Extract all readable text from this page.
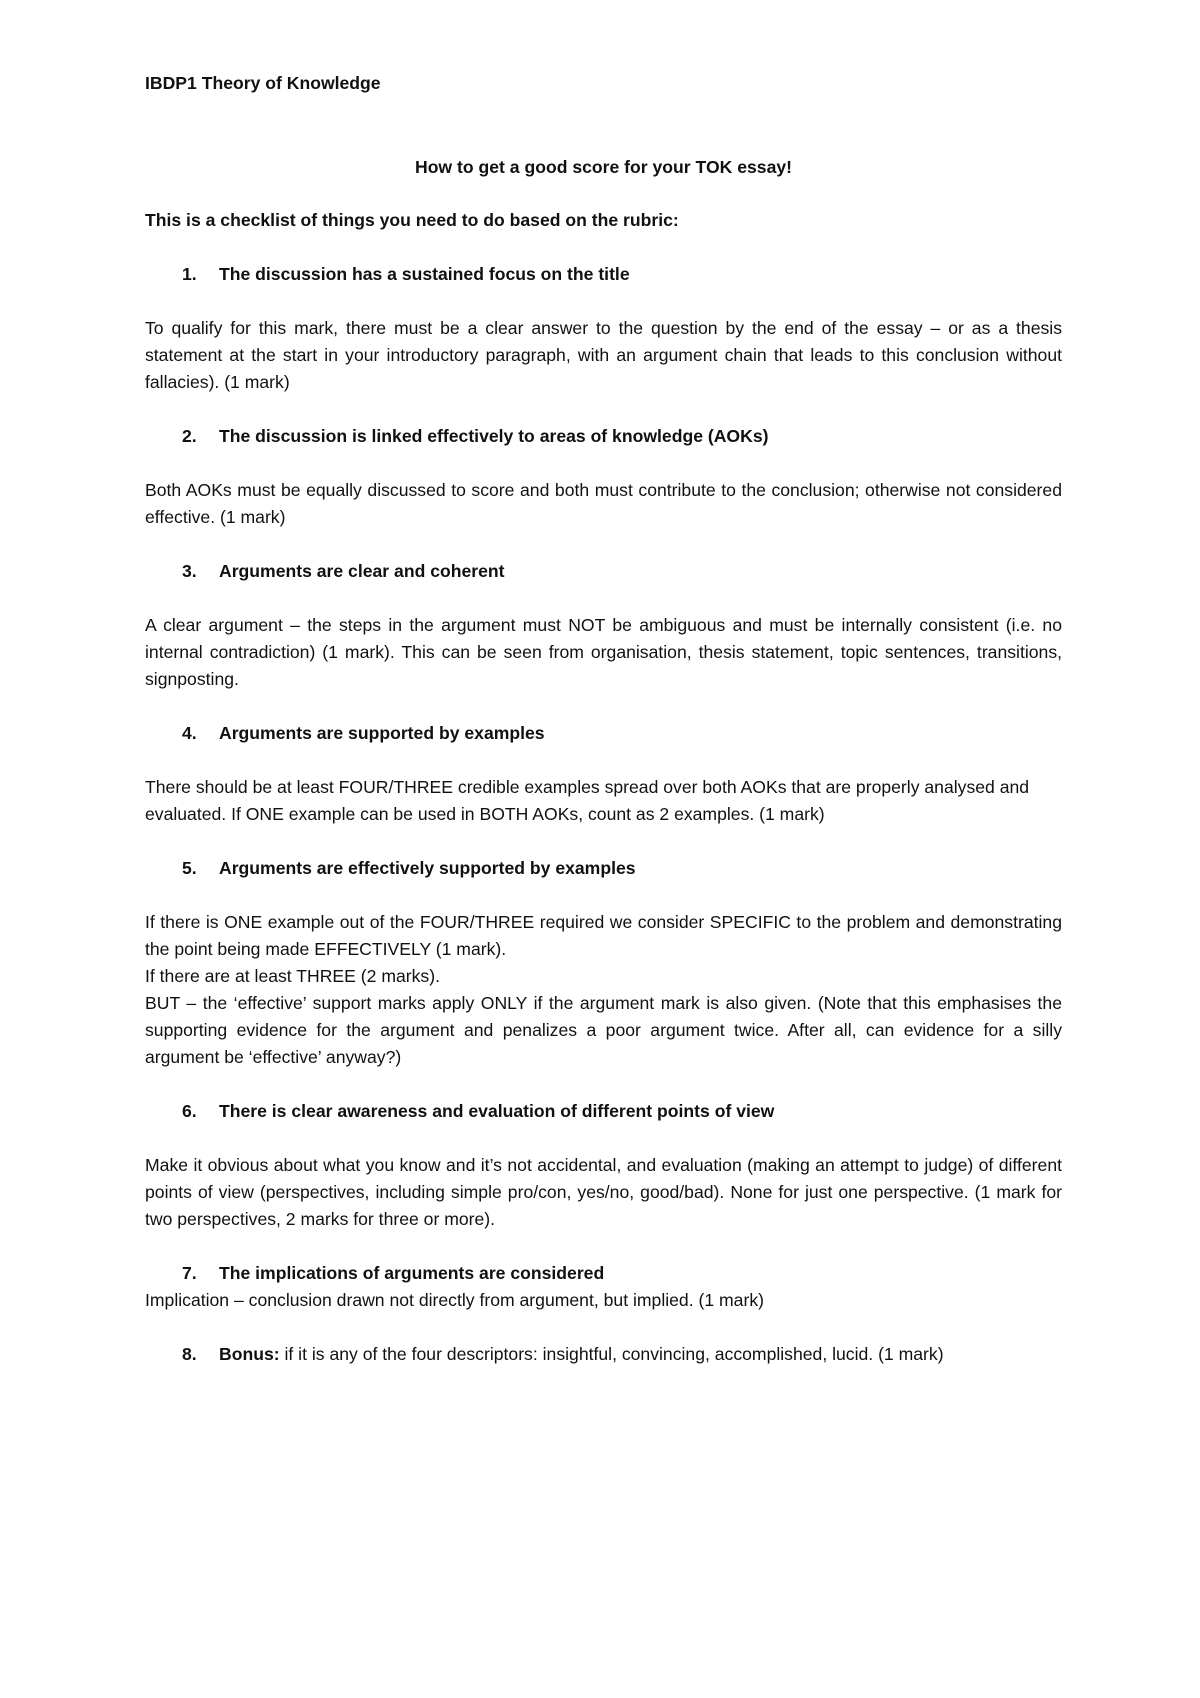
IBDP1 Theory of Knowledge

How to get a good score for your TOK essay!

This is a checklist of things you need to do based on the rubric:

1. The discussion has a sustained focus on the title

To qualify for this mark, there must be a clear answer to the question by the end of the essay – or as a thesis statement at the start in your introductory paragraph, with an argument chain that leads to this conclusion without fallacies). (1 mark)

2. The discussion is linked effectively to areas of knowledge (AOKs)

Both AOKs must be equally discussed to score and both must contribute to the conclusion; otherwise not considered effective. (1 mark)

3. Arguments are clear and coherent

A clear argument – the steps in the argument must NOT be ambiguous and must be internally consistent (i.e. no internal contradiction) (1 mark). This can be seen from organisation, thesis statement, topic sentences, transitions, signposting.

4. Arguments are supported by examples

There should be at least FOUR/THREE credible examples spread over both AOKs that are properly analysed and evaluated. If ONE example can be used in BOTH AOKs, count as 2 examples. (1 mark)

5. Arguments are effectively supported by examples

If there is ONE example out of the FOUR/THREE required we consider SPECIFIC to the problem and demonstrating the point being made EFFECTIVELY (1 mark).
If there are at least THREE (2 marks).
BUT – the ‘effective’ support marks apply ONLY if the argument mark is also given. (Note that this emphasises the supporting evidence for the argument and penalizes a poor argument twice. After all, can evidence for a silly argument be ‘effective’ anyway?)

6. There is clear awareness and evaluation of different points of view

Make it obvious about what you know and it’s not accidental, and evaluation (making an attempt to judge) of different points of view (perspectives, including simple pro/con, yes/no, good/bad). None for just one perspective. (1 mark for two perspectives, 2 marks for three or more).

7. The implications of arguments are considered

Implication – conclusion drawn not directly from argument, but implied. (1 mark)

8. Bonus: if it is any of the four descriptors: insightful, convincing, accomplished, lucid. (1 mark)
